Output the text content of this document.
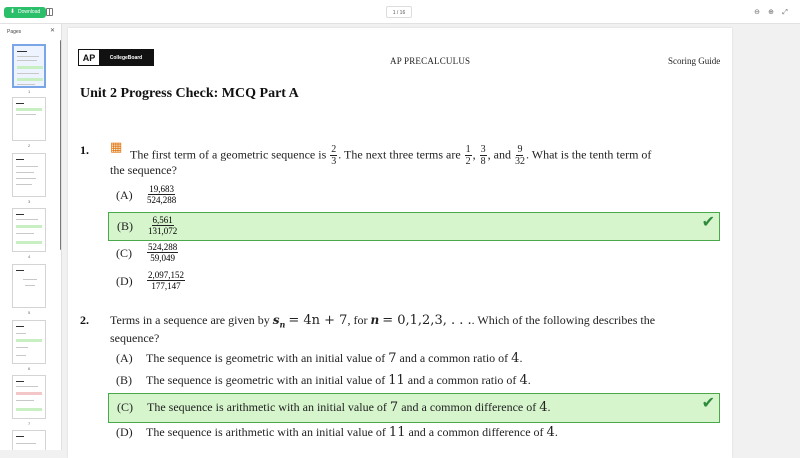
⬇ Download	1 / 16	⊖ ⊕	⤢
Pages	✕
1
2
3
4
5
6
7
AP	CollegeBoard	AP PRECALCULUS	Scoring Guide
Unit 2 Progress Check: MCQ Part A
1. ▦ The first term of a geometric sequence is $\frac{2}{3}$ . The next three terms are $\frac{1}{2}$ , $\frac{3}{8}$ , and $\frac{9}{32}$ . What is the tenth term of
the sequence?
$(A) \frac{19,683}{524,288}$
$(B) \frac{6,561}{131,072}$	✔
$(C) \frac{524,288}{59,049}$
$(D) \frac{2,097,152}{177,147}$
2. Terms in a sequence are given by $s_n = 4n + 7$, for n = 0,1,2,3, . . .. Which of the following describes the
sequence?
(A) The sequence is geometric with an initial value of 7 and a common ratio of 4.
(B) The sequence is geometric with an initial value of 11 and a common ratio of 4.
(C) The sequence is arithmetic with an initial value of 7 and a common difference of 4.	✔
(D) The sequence is arithmetic with an initial value of 11 and a common difference of 4.
